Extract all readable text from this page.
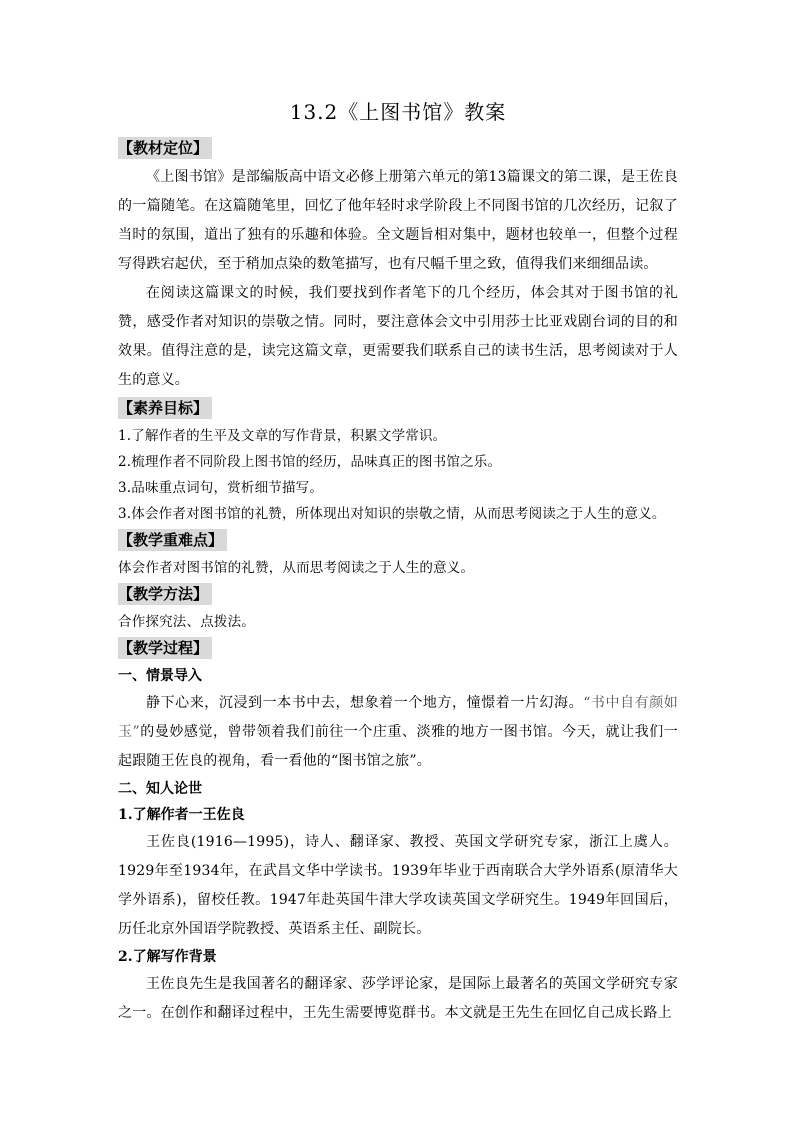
13.2《上图书馆》教案
【教材定位】

《上图书馆》是部编版高中语文必修上册第六单元的第13篇课文的第二课，是王佐良的一篇随笔。在这篇随笔里，回忆了他年轻时求学阶段上不同图书馆的几次经历，记叙了当时的氛围，道出了独有的乐趣和体验。全文题旨相对集中，题材也较单一，但整个过程写得跌宕起伏，至于稍加点染的数笔描写，也有尺幅千里之致，值得我们来细细品读。

在阅读这篇课文的时候，我们要找到作者笔下的几个经历，体会其对于图书馆的礼赞，感受作者对知识的崇敬之情。同时，要注意体会文中引用莎士比亚戏剧台词的目的和效果。值得注意的是，读完这篇文章，更需要我们联系自己的读书生活，思考阅读对于人生的意义。

【素养目标】

1.了解作者的生平及文章的写作背景，积累文学常识。

2.梳理作者不同阶段上图书馆的经历，品味真正的图书馆之乐。

3.品味重点词句，赏析细节描写。

3.体会作者对图书馆的礼赞，所体现出对知识的崇敬之情，从而思考阅读之于人生的意义。

【教学重难点】

体会作者对图书馆的礼赞，从而思考阅读之于人生的意义。

【教学方法】

合作探究法、点拨法。

【教学过程】
一、情景导入

静下心来，沉浸到一本书中去，想象着一个地方，憧憬着一片幻海。“书中自有颜如玉”的曼妙感觉，曾带领着我们前往一个庄重、淡雅的地方一图书馆。今天，就让我们一起跟随王佐良的视角，看一看他的“图书馆之旅”。

二、知人论世
1.了解作者一王佐良

王佐良(1916—1995)，诗人、翻译家、教授、英国文学研究专家，浙江上虞人。1929年至1934年，在武昌文华中学读书。1939年毕业于西南联合大学外语系(原清华大学外语系)，留校任教。1947年赴英国牛津大学攻读英国文学研究生。1949年回国后，历任北京外国语学院教授、英语系主任、副院长。

2.了解写作背景

王佐良先生是我国著名的翻译家、莎学评论家，是国际上最著名的英国文学研究专家之一。在创作和翻译过程中，王先生需要博览群书。本文就是王先生在回忆自己成长路上
